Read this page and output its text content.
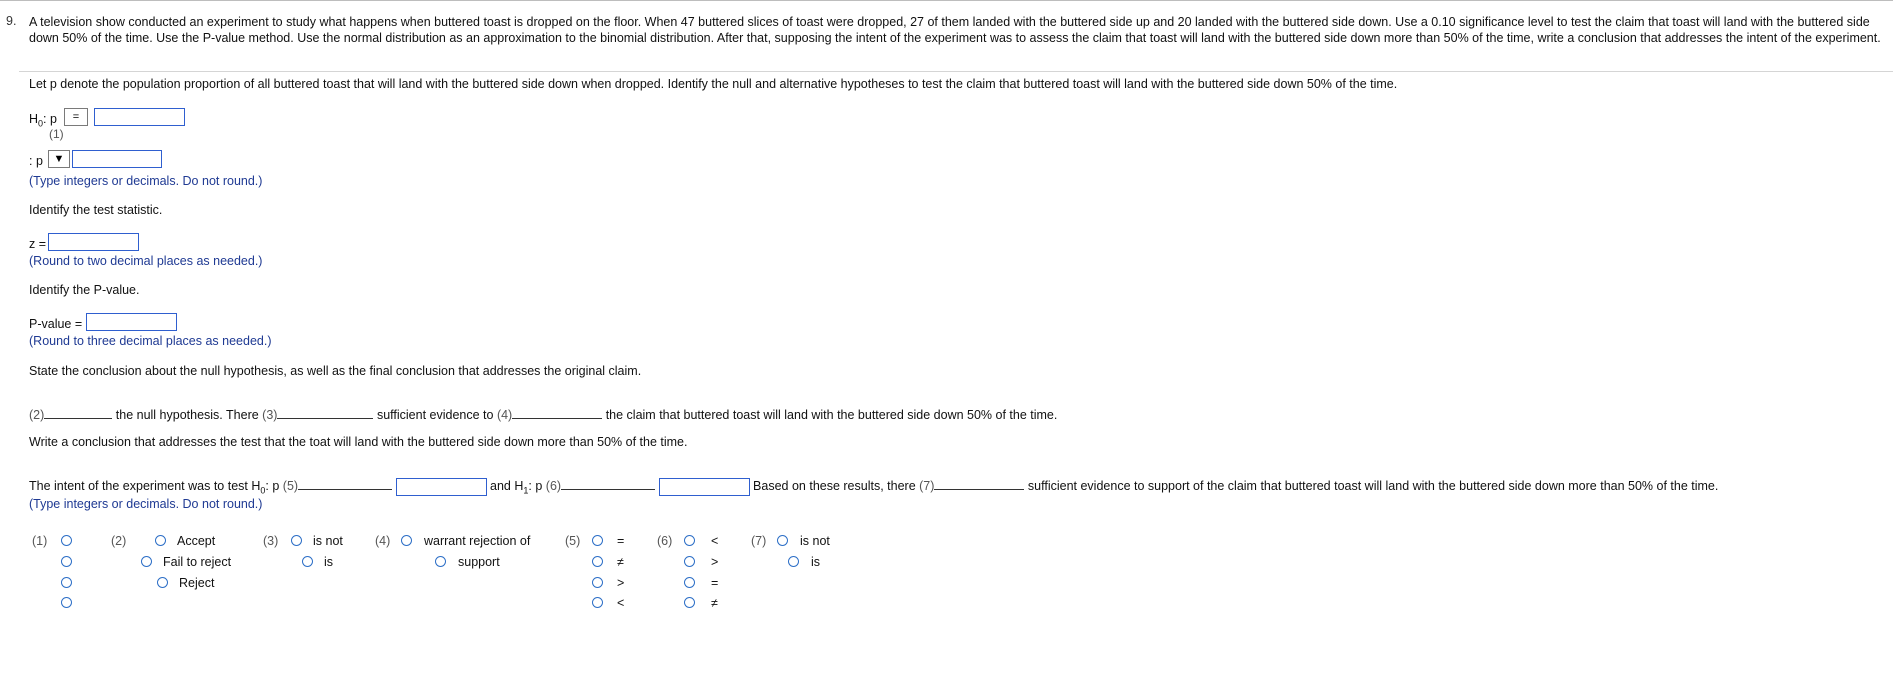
9. A television show conducted an experiment to study what happens when buttered toast is dropped on the floor. When 47 buttered slices of toast were dropped, 27 of them landed with the buttered side up and 20 landed with the buttered side down. Use a 0.10 significance level to test the claim that toast will land with the buttered side down 50% of the time. Use the P-value method. Use the normal distribution as an approximation to the binomial distribution. After that, supposing the intent of the experiment was to assess the claim that toast will land with the buttered side down more than 50% of the time, write a conclusion that addresses the intent of the experiment.
Let p denote the population proportion of all buttered toast that will land with the buttered side down when dropped. Identify the null and alternative hypotheses to test the claim that buttered toast will land with the buttered side down 50% of the time.
$H_0$: p	=
(1)
: p ▼
(Type integers or decimals. Do not round.)
Identify the test statistic.
z =
(Round to two decimal places as needed.)
Identify the P-value.
P-value =
(Round to three decimal places as needed.)
State the conclusion about the null hypothesis, as well as the final conclusion that addresses the original claim.
(2)	the null hypothesis. There (3)	sufficient evidence to (4)	the claim that buttered toast will land with the buttered side down 50% of the time.
Write a conclusion that addresses the test that the toat will land with the buttered side down more than 50% of the time.
The intent of the experiment was to test $H_0$: p (5)	and $H_1$: p (6)	Based on these results, there (7)	sufficient evidence to support of the claim that buttered toast will land with the buttered side down more than 50% of the time.
(Type integers or decimals. Do not round.)
(1)	(2)	Accept
Fail to reject
Reject
(3)	is not
is
(4)	warrant rejection of
support
(5)	=
≠
>
<
(6)	<
>
=
≠
(7)	is not
is
